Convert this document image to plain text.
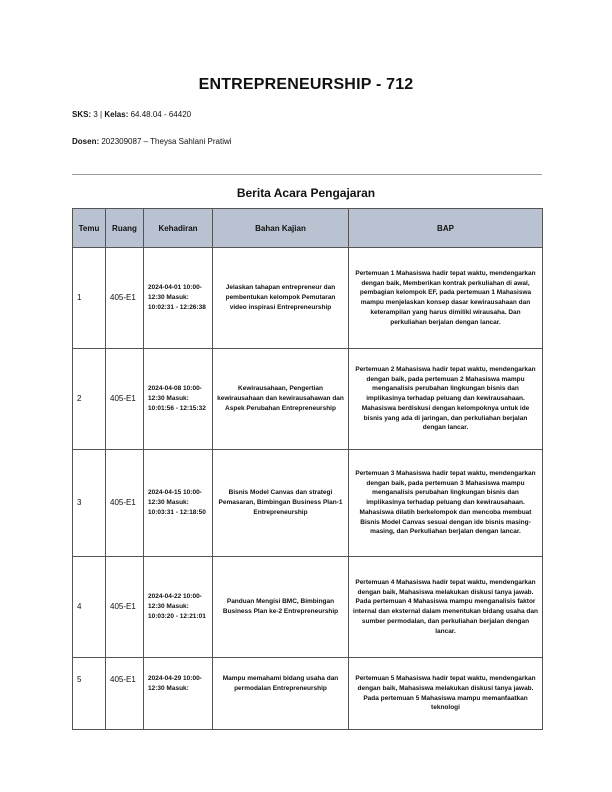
ENTREPRENEURSHIP - 712
SKS: 3 | Kelas: 64.48.04 - 64420
Dosen: 202309087 – Theysa Sahlani Pratiwi
Berita Acara Pengajaran
Temu	Ruang	Kehadiran	Bahan Kajian	BAP
1	405-E1	2024-04-01 10:00-12:30 Masuk: 10:02:31 - 12:26:38	Jelaskan tahapan entrepreneur dan pembentukan kelompok Pemutaran video inspirasi Entrepreneurship	Pertemuan 1 Mahasiswa hadir tepat waktu, mendengarkan dengan baik, Memberikan kontrak perkuliahan di awal, pembagian kelompok EF, pada pertemuan 1 Mahasiswa mampu menjelaskan konsep dasar kewirausahaan dan keterampilan yang harus dimiliki wirausaha. Dan perkuliahan berjalan dengan lancar.
2	405-E1	2024-04-08 10:00-12:30 Masuk: 10:01:56 - 12:15:32	Kewirausahaan, Pengertian kewirausahaan dan kewirausahawan dan Aspek Perubahan Entrepreneurship	Pertemuan 2 Mahasiswa hadir tepat waktu, mendengarkan dengan baik, pada pertemuan 2 Mahasiswa mampu menganalisis perubahan lingkungan bisnis dan implikasinya terhadap peluang dan kewirausahaan. Mahasiswa berdiskusi dengan kelompoknya untuk ide bisnis yang ada di jaringan, dan perkuliahan berjalan dengan lancar.
3	405-E1	2024-04-15 10:00-12:30 Masuk: 10:03:31 - 12:18:50	Bisnis Model Canvas dan strategi Pemasaran, Bimbingan Business Plan-1 Entrepreneurship	Pertemuan 3 Mahasiswa hadir tepat waktu, mendengarkan dengan baik, pada pertemuan 3 Mahasiswa mampu menganalisis perubahan lingkungan bisnis dan implikasinya terhadap peluang dan kewirausahaan. Mahasiswa dilatih berkelompok dan mencoba membuat Bisnis Model Canvas sesuai dengan ide bisnis masing-masing, dan Perkuliahan berjalan dengan lancar.
4	405-E1	2024-04-22 10:00-12:30 Masuk: 10:03:20 - 12:21:01	Panduan Mengisi BMC, Bimbingan Business Plan ke-2 Entrepreneurship	Pertemuan 4 Mahasiswa hadir tepat waktu, mendengarkan dengan baik, Mahasiswa melakukan diskusi tanya jawab. Pada pertemuan 4 Mahasiswa mampu menganalisis faktor internal dan eksternal dalam menentukan bidang usaha dan sumber permodalan, dan perkuliahan berjalan dengan lancar.
5	405-E1	2024-04-29 10:00-12:30 Masuk:	Mampu memahami bidang usaha dan permodalan Entrepreneurship	Pertemuan 5 Mahasiswa hadir tepat waktu, mendengarkan dengan baik, Mahasiswa melakukan diskusi tanya jawab. Pada pertemuan 5 Mahasiswa mampu memanfaatkan teknologi
